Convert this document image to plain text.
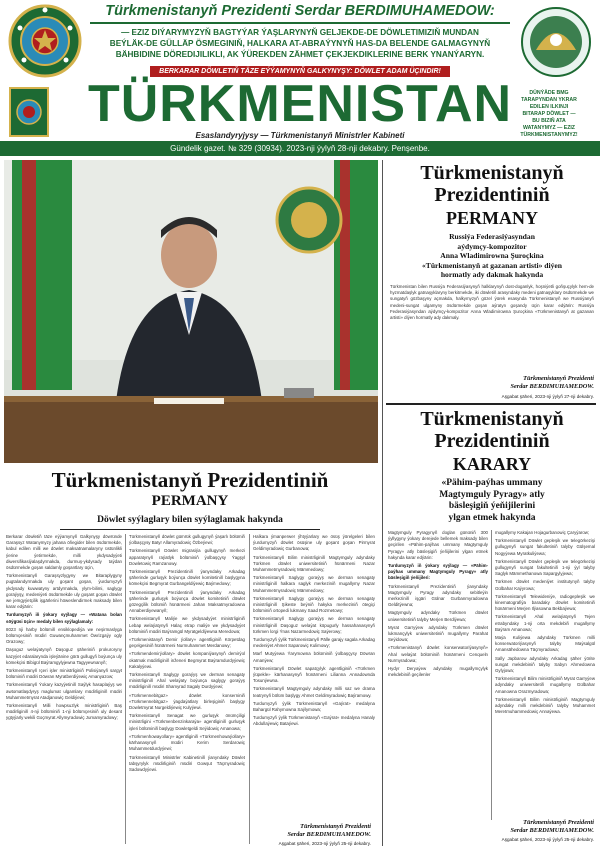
Türkmenistanyň Prezidenti Serdar BERDIMUHAMEDOW:
— EZIZ DIÝARYMYZYŇ BAGTYÝAR ÝAŞLARYNYŇ GELJEKDE-DE DÖWLETIMIZIŇ MUNDAN
BEÝLÄK-DE GÜLLÄP ÖSMEGINIŇ, HALKARA AT-ABRAÝYNYŇ HAS-DA BELENDE GALMAGYNYŇ
BÄHBIDINE DÖREDIJILIKLI, AK ÝÜREKDEN ZÄHMET ÇEKJEKDIKLERINE BERK YNANÝARYN.
BERKARAR DÖWLETIŇ TÄZE EÝÝAMYNYŇ GALKYNYŞY: DÖWLET ADAM ÜÇINDIR!
TÜRKMENISTAN
Esaslandyryjysy — Türkmenistanyň Ministrler Kabineti
DÜNÝÄDE BMG
TARAPYNDAN YKRAR
EDILEN ILKINJI
BITARAP DÖWLET —
BU BIZIŇ ATA
WATANYMYZ — EZIZ
TÜRKMENISTANYMYZ!
Gündelik gazet. № 329 (30934). 2023-nji ýylyň 28-nji dekabry. Penşenbe.
Türkmenistanyň Prezidentiniň
PERMANY
Döwlet syýlaglary bilen syýlaglamak hakynda

Berkarar döwletiň täze eýýamynyň Galkynyşy döwründe Garaşsyz Watanymyzy jahana öňegider bilen ösdürmekde, kabul edilen milli we döwlet maksatnamalaryny üstünlikli ýerine ýetirmekde, milli ykdysadyýeti diwersifikasiýalaşdyrmakda, durmuş-ykdysady taýdan ösdürmekde goşan saldamly goşantlary üçin,

Türkmenistanyň Garaşsyzlygyny we Bitaraplygyny pugtalandyrmakda uly goşant goşan, ýurdumyzyň ykdysady kuwwatyny artdyrmakda, ylym-bilimi, saglygy goraýyşy, medeniýeti ösdürmekde uly goşant goşan döwlet we jemgyýetçilik işgärlerini höweslendirmek maksady bilen karar edýärin:

Turdumyzyň iň ýokary syýlagy — «Watana bolan söýgüsi üçin» medaly bilen syýlaglamaly:

8023 nji harby bölümiň ensiklopediýa we neşirmaslyga bölümçesiniň müdiri Guwançmuhammet Öwrizgaýy ogly Orazowy;

Daşoguz welaýatynyň Daşoguz şäheriniň prokuroryny kazyýet edaralarynda işleýänine görä gullugyň boýunça uly kömekçisi Bibigül Baýramgylyjewna Tagyyewnanyň;

Türkmenistanyň Içeri işler ministrliginiň Polisiýanyň sargyt bölüminiň müdiri Döwran Myratberdiýewiç Amanyazow;

Türkmenistanyň Ýokary kazyýetiniň Saýlyk hasaplaýyş we awtomatlaşdyryş maglumat ulgamlary müdirliginiň müdiri Muhammetmyrat Atadjanowiç Geldiýewi;

Türkmenistanyň Milli howpsuzlyk ministrliginiň Baş müdirliginiň 4-nji bölüminiň 1-nji bölümçesiniň uly desant ygtyýarly wekili Goçmyrat Allymyradowiç Jumamyradowy;

Türkmenistanyň döwlet gümrük gullugynyň ýaşarlı bölümiň ýolbaşçysy Batyr Allamyradowiç Özbeýewi;

Türkmenistanyň Döwlet migrasiýa gullugynyň merkezi apparatynyň raýatlyk bölüminiň ýolbaşçysy Ýagşyl Dowletowiç Ramzanowy.

Türkmenistanyň Prezidentiniň ýanyndaky Arkadag şäherinde gurluşyk boýunça döwlet komitetiniň başlygyna kömekçisi Begmyrat Gurbangeldiýewiç Baýmedowy;

Türkmenistanyň Prezidentiniň ýanyndaky Arkadag şäherinde gurluşyk boýunça döwlet komitetiniň döwlet gözegçilik bölümiň hünärmeni Jahan Maksatmyradowna Annaberdiyewanyň;

Türkmenistanyň Maliýe we ykdysadyýet ministrliginiň Lebap welaýatynyň Halaç etrap maliýe we ykdysadyýet bölüminiň müdiri Baýramgül Myratgeldiýewna Meredowa;

«Türkmenistanyň Demir ýollary» agentliginiň Körpetdag geçelgesiniň hünärmeni Nurmuhammet Merdanowy;

«Türkmendemirýollary» döwlet kompaniýasynyň demirýol okatmak müdirliginiň inženeri Begmyrat Baýramdurdyýewiç Kakalyýewi.

Türkmenistanyň Saglygy goraýyş we derman senagaty ministrliginiň Ahal welaýaty boýunça saglygy goraýyş müdirliginiň müdiri Shamyrad Sagaly Durdyýewi;

«Türkmennebitgaz» döwlet konserniniň «Türkmennebitgaz» ýagdaýatlary birleşiginiň başlygy Dowletmyrat Nurgeldiýewiç Kulyýewi.

Türkmenistanyň Senagat we gurluşyk önümçiligi ministrligini «Türkmenbenzinkaraýa» agentliginiň gurluşyk işleri bölüminiň başlygy Dowletgeldi Seýidowiç Amanowa;

«Türkmenhowayollary» agentliginiň «Türkmenhowaýollary» kärhanasynyň müdiri Kerim Serdarowiç Muhammetdurdyýewi;

Türkmenistanyň Ministrler Kabinetiniň ýanyndaky Döwlet tabşyrylyk müdirliginiň müdiri Gowşut Täçmyradowiç Sadowdyýewi.

Halkara ýmanperwer ýhtyýarlary we ösüş ýörelgeleri bilen ýurdumyzyň döwlet ösüşine uly goşant goşan Pirmyrat Geldimyradowiç Gurbanowa;

Türkmenistanyň Bilim ministrliginiň Magtymguly adyndaky Türkmen döwlet uniwersitetiniň hünärmeni Nazar Muhammetmyradowiç Mämmedowy;

Türkmenistanyň Saglygy goraýyş we derman senagaty ministrliginiň halkara saglyk merkeziniň mugallymy Nazar Muhammetmyradowiç Mämmedowy;

Türkmenistanyň Saglygy goraýyş we derman senagaty ministrliginiň Şikeste beýniň hakyka merkeziniň ötegiçi bölüminiň ortopedi lukmany Saad Rozmetowy;

Türkmenistanyň Saglygy goraýyş we derman senagaty ministrliginiň Daşoguz welaýat köpugurly hassahanasynyň türkmen lorgi Ýnas Nazarmedowiç Saýerowy;

Turdumyzyň ýylik Türkmenistanyň Pälle garajy sagala Arkadag medeniýet Ahmet Saparowiç Kulimowy;

Marf Mutyýewa Ýarymowna bölüminiň ýolbaşçysy Döwran Amanýew;

Türkmenistanyň Döwlet sapatçylyk agentliginiň «Türkmen ýüpekle» kärhanasynyň hünärmeni Lilianna Annadownda Tosunýewna.

Türkmenistanyň Magtymguly adyndaky milli saz we drama teatrynyň bölüm başlygy Ahmet Geldimyradowiç Baýramowy.

Turdumyzyň ýylik Türkmenistanyň «Gaýrat» medalyna Bahargül Rahymowna Saýlymowa;

Turdumyzyň ýylik Türkmenistanyň «Gaýrat» medalyna Hanaly Abdullaýewiç Bataýewi.

Türkmenistanyň Prezidenti
Serdar BERDIMUHAMEDOW.
Aşgabat şäheri, 2023-nji ýylyň 25-nji dekabry.
Türkmenistanyň
Prezidentiniň
PERMANY
Russiýa Federasiýasyndan
aýdymçy-kompozitor
Anna Wladimirowna Şuroçkina
«Türkmenistanyň at gazanan artisti» diýen
hormatly ady dakmak hakynda
Türkmenistan bilen Russiýa Federasiýasynyň halklarynyň dost-doganlyk, hoşniýetli goňşuçylyk hem-de hyzmatdaşlyk gatnaşyklaryny berkitmekde, iki döwletiň arasyndaky medeni gatnaşyklary ösdürmekde we sungatyň gözbaşyny açmakda, halkymyzyň gözel ýürek esasynda Türkmenistanyň we Russiýanyň medeni-sungat ulgamyny ösdürmekde goşan aýratyn goşandy üçin karar edýärin: Russiýa Federasiýasyndan aýdymçy-kompozitor Anna Wladimirowna Şuroçkina «Türkmenistanyň at gazanan artisti» diýen hormatly ady dakmaly.
Türkmenistanyň Prezidenti
Serdar BERDIMUHAMEDOW.
Aşgabat şäheri, 2023-nji ýylyň 27-nji dekabry.
Türkmenistanyň
Prezidentiniň
KARARY
«Pähim-paýhas ummany
Magtymguly Pyragy» atly
bäsleşigiň ýeňijilerini
ylgan etmek hakynda

Magtymguly Pyragynyň doglan gününiň 300 ýyllygyny ýokary derejede bellemek maksady bilen geçirilen «Pähim-paýhas ummany Magtymguly Pyragy» atly bäsleşigiň ýeňijilerini ylgan etmek hakynda karar edýärin:

Turdumyzyň iň ýokary syýlagy — «Pähim-paýhas ummany Magtymguly Pyragy» atly bäsleşigiň ýeňijileri:

Türkmenistanyň Prezidentiniň ýanyndaky Magtymguly Pyragy adyndaky sebitleýin merkeziniň işgäri Gülnar Gurbanmyradowna Gelditýewna;

Magtymguly adyndaky Türkmen döwlet uniwersitetiniň talyby Merjen Berdiýewa;

Myrat Garryýew adyndaky Türkmen döwlet lukmançylyk uniwersitetiniň mugallymy Parahat Seýidowa;

«Türkmenistanyň döwlet konserwatoriýasynyň» Ahal welaýat bölüminiň hünärmeni Cenqueln Nurmyradowa;

Hydyr Deryaýew adyndaky mugallymçylyk mekdebiniň geçilenler

mugallymy Kakajan Hojagurbanowiç Çaryýarow;

Türkmenistanyň Döwlet gepleşik we telegörkezişi gullugynyň sungat fakultetiniň talyby Gülşemal Nogyýewa Myratkuliýewa;

Türkmenistanyň Döwlet gepleşik we telegörkezişi gullugynyň sungat fakultetiniň 1-nji ýyl talyby Saglyk Mämmethanowa Sapargylyjewa;

Türkmen döwlet medeniýet institutynyň talyby Gülbahar Kaýyrowa;

Türkmenistanyň Telewideniýe, radiogepleşik we kinematografiýa baradaky döwlet komitetiniň hünärmeni Merjen Ilýasowna Bekbaýewa;

Türkmenistanyň Ahal welaýatynyň Tejen etrabyndaky 1-nji orta mekdebiň mugallymy Baýram Amanowa;

Maýa Kuliýewa adyndaky Türkmen milli konserwatoriýasynyň talyby Maýsalgül Amansähedowna Täçmyradowa;

Sally Japbarow adyndaky Arkadag şäher ýörite sungat mekdebiniň talyby Sabyn Ahmedowna Gylyjowa;

Türkmenistanyň Bilim ministrliginiň Myrat Garryýew adyndaky uniwersitetiň mugallymy Gülbahar Amanowna Orazmyradowa;

Türkmenistanyň Bilim ministrliginiň Magtymguly adyndaky milli mekdebiniň talyby Muhammet Meretmuhammedowiç Annaýewa.

Türkmenistanyň Prezidenti
Serdar BERDIMUHAMEDOW.
Aşgabat şäheri, 2023-nji ýylyň 25-nji dekabry.
